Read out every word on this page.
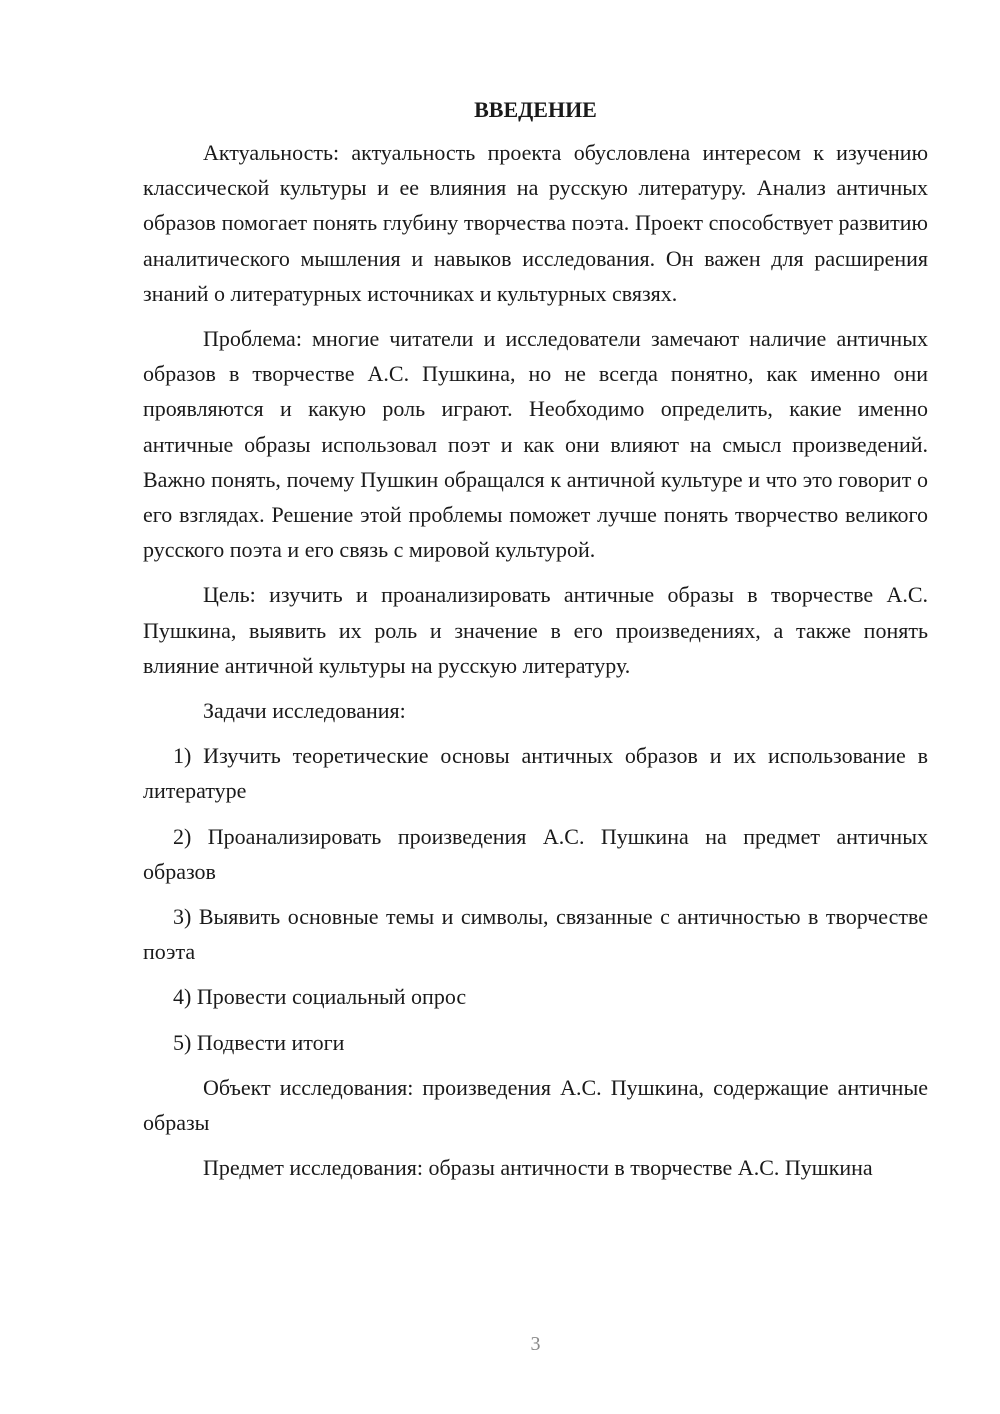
ВВЕДЕНИЕ

Актуальность: актуальность проекта обусловлена интересом к изучению классической культуры и ее влияния на русскую литературу. Анализ античных образов помогает понять глубину творчества поэта. Проект способствует развитию аналитического мышления и навыков исследования. Он важен для расширения знаний о литературных источниках и культурных связях.

Проблема: многие читатели и исследователи замечают наличие античных образов в творчестве А.С. Пушкина, но не всегда понятно, как именно они проявляются и какую роль играют. Необходимо определить, какие именно античные образы использовал поэт и как они влияют на смысл произведений. Важно понять, почему Пушкин обращался к античной культуре и что это говорит о его взглядах. Решение этой проблемы поможет лучше понять творчество великого русского поэта и его связь с мировой культурой.

Цель: изучить и проанализировать античные образы в творчестве А.С. Пушкина, выявить их роль и значение в его произведениях, а также понять влияние античной культуры на русскую литературу.

Задачи исследования:

1) Изучить теоретические основы античных образов и их использование в литературе

2) Проанализировать произведения А.С. Пушкина на предмет античных образов

3) Выявить основные темы и символы, связанные с античностью в творчестве поэта

4) Провести социальный опрос

5) Подвести итоги

Объект исследования: произведения А.С. Пушкина, содержащие античные образы

Предмет исследования: образы античности в творчестве А.С. Пушкина

3
